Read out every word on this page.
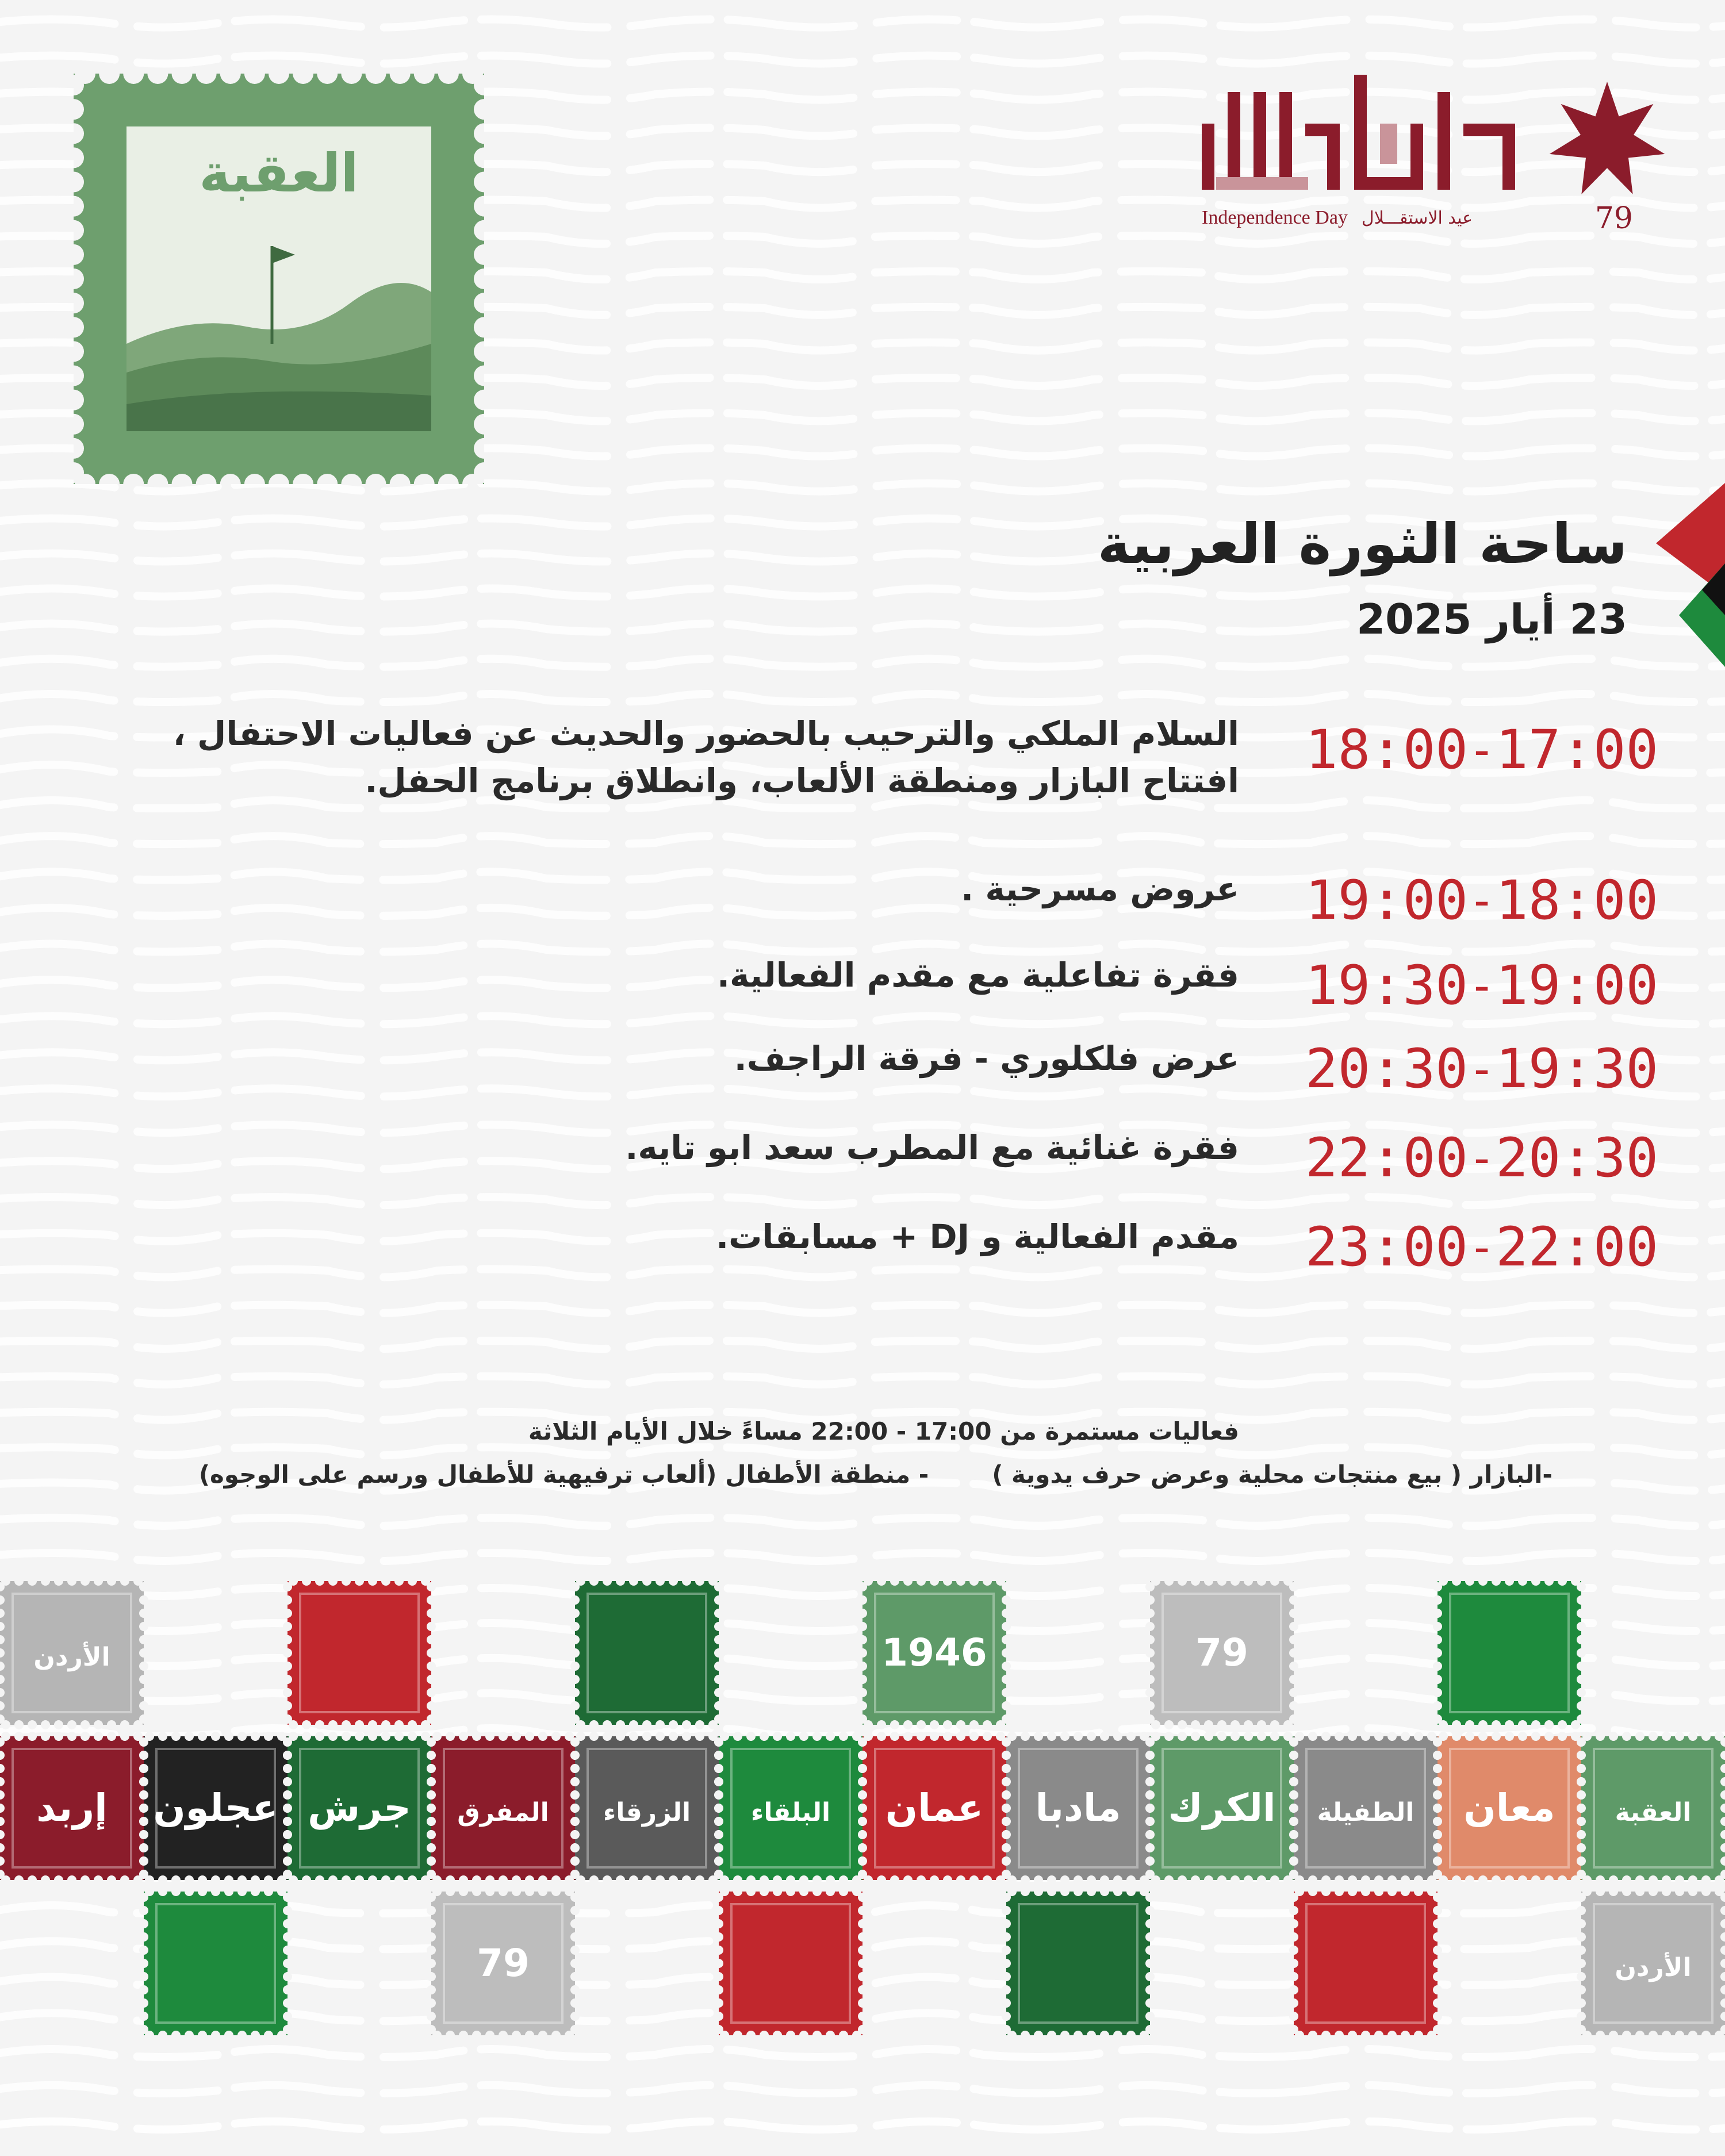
العقبة
79
Independence Day عيد الاستقـــلال
ساحة الثورة العربية
23 أيار 2025
18:00 - 17:00
السلام الملكي والترحيب بالحضور والحديث عن فعاليات الاحتفال ، افتتاح البازار ومنطقة الألعاب، وانطلاق برنامج الحفل.
19:00 - 18:00
عروض مسرحية .
19:30 - 19:00
فقرة تفاعلية مع مقدم الفعالية.
20:30 - 19:30
عرض فلكلوري - فرقة الراجف.
22:00 - 20:30
فقرة غنائية مع المطرب سعد ابو تايه.
23:00 - 22:00
مقدم الفعالية و DJ + مسابقات.
فعاليات مستمرة من 17:00 - 22:00 مساءً خلال الأيام الثلاثة
-البازار ( بيع منتجات محلية وعرض حرف يدوية )- منطقة الأطفال (ألعاب ترفيهية للأطفال ورسم على الوجوه)
الأردن	1946	79
إربد عجلون جرش المفرق الزرقاء البلقاء عمان مادبا الكرك الطفيلة معان العقبة
79	الأردن
